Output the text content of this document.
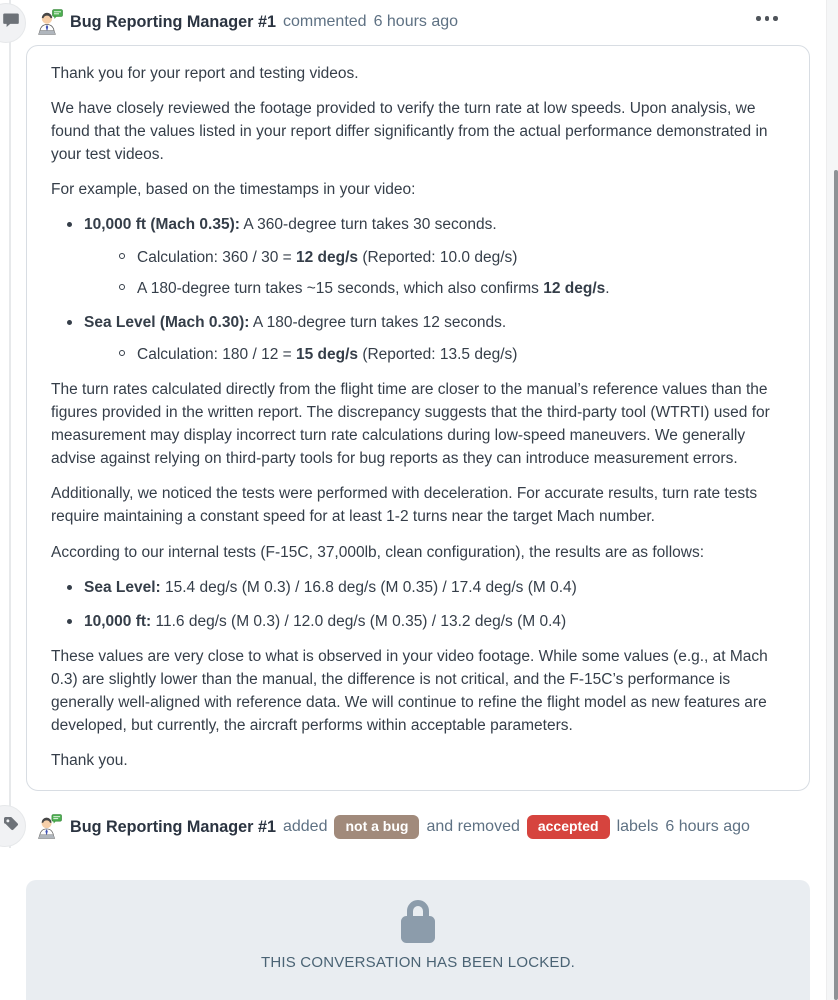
Bug Reporting Manager #1 commented 6 hours ago

Thank you for your report and testing videos.

We have closely reviewed the footage provided to verify the turn rate at low speeds. Upon analysis, we found that the values listed in your report differ significantly from the actual performance demonstrated in your test videos.

For example, based on the timestamps in your video:

10,000 ft (Mach 0.35): A 360-degree turn takes 30 seconds.
Calculation: 360 / 30 = 12 deg/s (Reported: 10.0 deg/s)
A 180-degree turn takes ~15 seconds, which also confirms 12 deg/s.
Sea Level (Mach 0.30): A 180-degree turn takes 12 seconds.
Calculation: 180 / 12 = 15 deg/s (Reported: 13.5 deg/s)

The turn rates calculated directly from the flight time are closer to the manual’s reference values than the figures provided in the written report. The discrepancy suggests that the third-party tool (WTRTI) used for measurement may display incorrect turn rate calculations during low-speed maneuvers. We generally advise against relying on third-party tools for bug reports as they can introduce measurement errors.

Additionally, we noticed the tests were performed with deceleration. For accurate results, turn rate tests require maintaining a constant speed for at least 1-2 turns near the target Mach number.

According to our internal tests (F-15C, 37,000lb, clean configuration), the results are as follows:

Sea Level: 15.4 deg/s (M 0.3) / 16.8 deg/s (M 0.35) / 17.4 deg/s (M 0.4)
10,000 ft: 11.6 deg/s (M 0.3) / 12.0 deg/s (M 0.35) / 13.2 deg/s (M 0.4)

These values are very close to what is observed in your video footage. While some values (e.g., at Mach 0.3) are slightly lower than the manual, the difference is not critical, and the F-15C’s performance is generally well-aligned with reference data. We will continue to refine the flight model as new features are developed, but currently, the aircraft performs within acceptable parameters.

Thank you.

Bug Reporting Manager #1 added	not a bug	and removed	accepted	labels 6 hours ago
THIS CONVERSATION HAS BEEN LOCKED.
